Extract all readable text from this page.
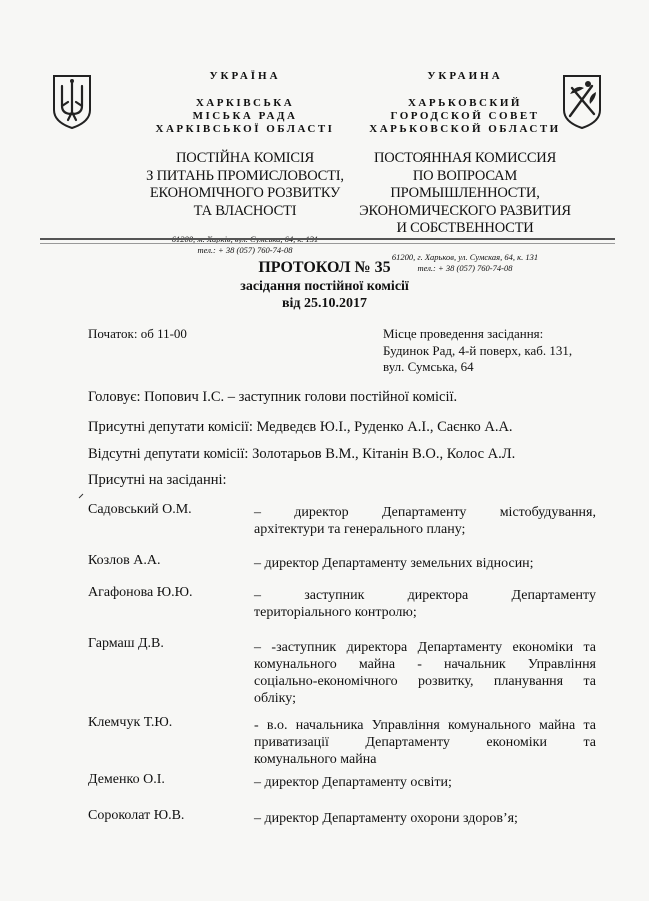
УКРАЇНА
ХАРКІВСЬКА
МІСЬКА РАДА
ХАРКІВСЬКОЇ ОБЛАСТІ
ПОСТІЙНА КОМІСІЯ
З ПИТАНЬ ПРОМИСЛОВОСТІ,
ЕКОНОМІЧНОГО РОЗВИТКУ
ТА ВЛАСНОСТІ
61200, м. Харків, вул. Сумська, 64, к. 131
тел.: + 38 (057) 760-74-08
УКРАИНА
ХАРЬКОВСКИЙ
ГОРОДСКОЙ СОВЕТ
ХАРЬКОВСКОЙ ОБЛАСТИ
ПОСТОЯННАЯ КОМИССИЯ
ПО ВОПРОСАМ ПРОМЫШЛЕННОСТИ,
ЭКОНОМИЧЕСКОГО РАЗВИТИЯ
И СОБСТВЕННОСТИ
61200, г. Харьков, ул. Сумская, 64, к. 131
тел.: + 38 (057) 760-74-08
ПРОТОКОЛ № 35
засідання постійної комісії
від 25.10.2017
Початок: об 11-00	Місце проведення засідання:
Будинок Рад, 4-й поверх, каб. 131,
вул. Сумська, 64
Головує: Попович І.С. – заступник голови постійної комісії.
Присутні депутати комісії: Медведєв Ю.І., Руденко А.І., Саєнко А.А.
Відсутні депутати комісії: Золотарьов В.М., Кітанін В.О., Колос А.Л.
Присутні на засіданні:
Садовський О.М.	– директор Департаменту містобудування,
архітектури та генерального плану;
Козлов А.А.	– директор Департаменту земельних відносин;
Агафонова Ю.Ю.	– заступник директора Департаменту
територіального контролю;
Гармаш Д.В.	– -заступник директора Департаменту економіки та
комунального майна - начальник Управління
соціально-економічного розвитку, планування та
обліку;
Клемчук Т.Ю.	- в.о. начальника Управління комунального майна та
приватизації Департаменту економіки та
комунального майна
Деменко О.І.	– директор Департаменту освіти;
Сороколат Ю.В.	– директор Департаменту охорони здоров’я;
